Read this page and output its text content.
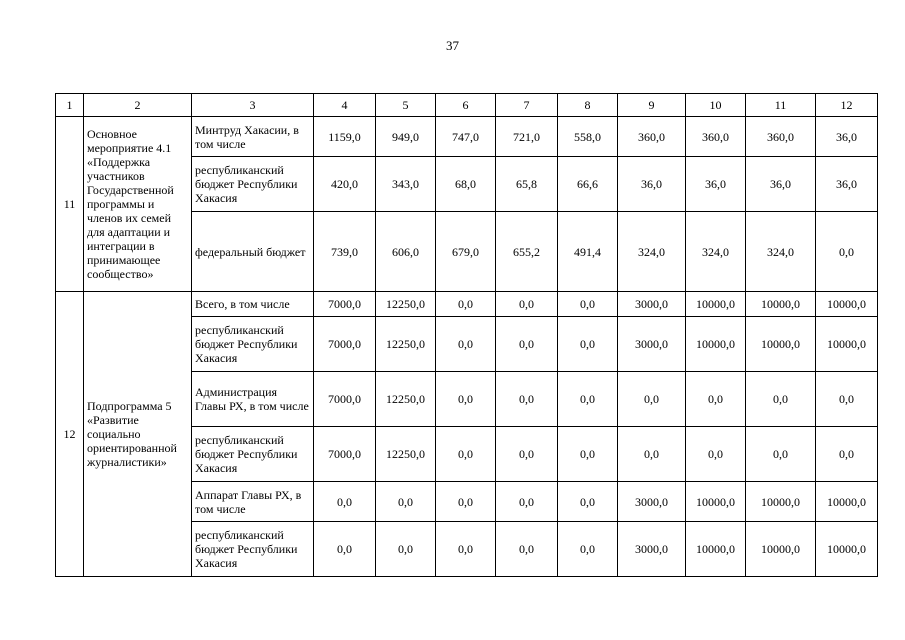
37
1	2	3	4	5	6	7	8	9	10	11	12
11	Основное мероприятие 4.1 «Поддержка участников Государственной программы и членов их семей для адаптации и интеграции в принимающее сообщество»	Минтруд Хакасии, в том числе	1159,0	949,0	747,0	721,0	558,0	360,0	360,0	360,0	36,0
		республиканский бюджет Республики Хакасия	420,0	343,0	68,0	65,8	66,6	36,0	36,0	36,0	36,0
		федеральный бюджет	739,0	606,0	679,0	655,2	491,4	324,0	324,0	324,0	0,0
12	Подпрограмма 5 «Развитие социально ориентированной журналистики»	Всего, в том числе	7000,0	12250,0	0,0	0,0	0,0	3000,0	10000,0	10000,0	10000,0
		республиканский бюджет Республики Хакасия	7000,0	12250,0	0,0	0,0	0,0	3000,0	10000,0	10000,0	10000,0
		Администрация Главы РХ, в том числе	7000,0	12250,0	0,0	0,0	0,0	0,0	0,0	0,0	0,0
		республиканский бюджет Республики Хакасия	7000,0	12250,0	0,0	0,0	0,0	0,0	0,0	0,0	0,0
		Аппарат Главы РХ, в том числе	0,0	0,0	0,0	0,0	0,0	3000,0	10000,0	10000,0	10000,0
		республиканский бюджет Республики Хакасия	0,0	0,0	0,0	0,0	0,0	3000,0	10000,0	10000,0	10000,0
